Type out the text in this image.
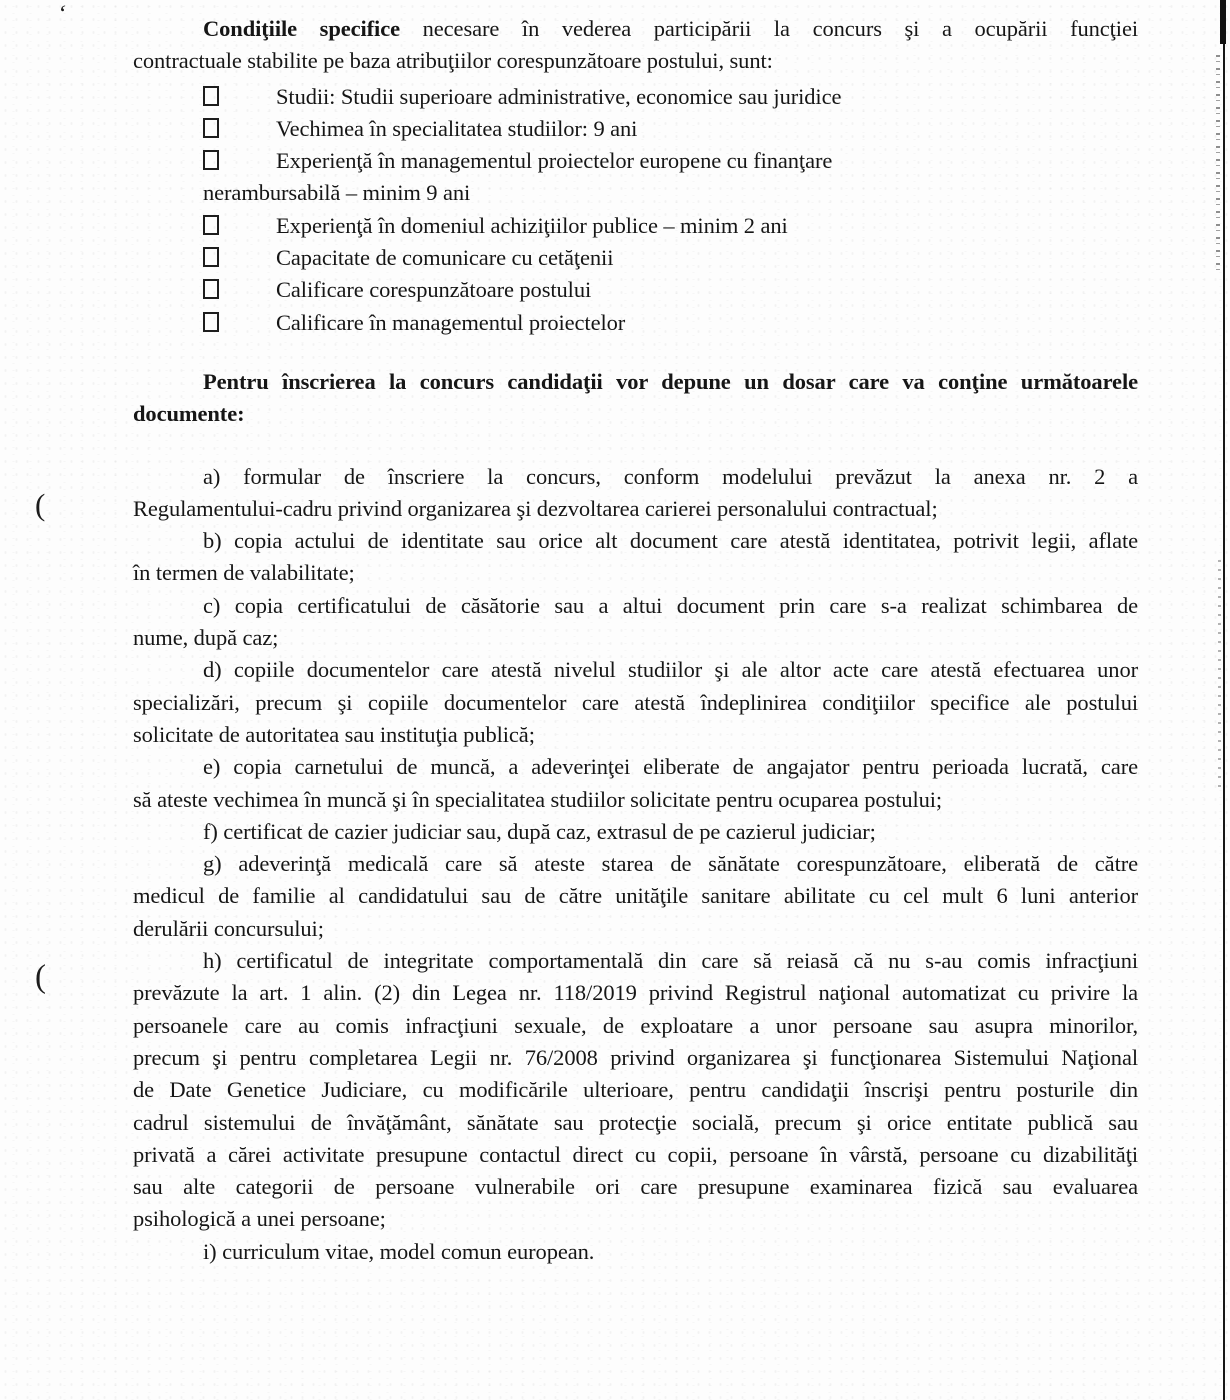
ʻ
(
(
Condiţiile specifice necesare în vederea participării la concurs şi a ocupării funcţiei
contractuale stabilite pe baza atribuţiilor corespunzătoare postului, sunt:
Studii: Studii superioare administrative, economice sau juridice
Vechimea în specialitatea studiilor: 9 ani
Experienţă în managementul proiectelor europene cu finanţare
nerambursabilă – minim 9 ani
Experienţă în domeniul achiziţiilor publice – minim 2 ani
Capacitate de comunicare cu cetăţenii
Calificare corespunzătoare postului
Calificare în managementul proiectelor
Pentru înscrierea la concurs candidaţii vor depune un dosar care va conţine următoarele
documente:
a) formular de înscriere la concurs, conform modelului prevăzut la anexa nr. 2 a
Regulamentului-cadru privind organizarea şi dezvoltarea carierei personalului contractual;
b) copia actului de identitate sau orice alt document care atestă identitatea, potrivit legii, aflate
în termen de valabilitate;
c) copia certificatului de căsătorie sau a altui document prin care s-a realizat schimbarea de
nume, după caz;
d) copiile documentelor care atestă nivelul studiilor şi ale altor acte care atestă efectuarea unor
specializări, precum şi copiile documentelor care atestă îndeplinirea condiţiilor specifice ale postului
solicitate de autoritatea sau instituţia publică;
e) copia carnetului de muncă, a adeverinţei eliberate de angajator pentru perioada lucrată, care
să ateste vechimea în muncă şi în specialitatea studiilor solicitate pentru ocuparea postului;
f) certificat de cazier judiciar sau, după caz, extrasul de pe cazierul judiciar;
g) adeverinţă medicală care să ateste starea de sănătate corespunzătoare, eliberată de către
medicul de familie al candidatului sau de către unităţile sanitare abilitate cu cel mult 6 luni anterior
derulării concursului;
h) certificatul de integritate comportamentală din care să reiasă că nu s-au comis infracţiuni
prevăzute la art. 1 alin. (2) din Legea nr. 118/2019 privind Registrul naţional automatizat cu privire la
persoanele care au comis infracţiuni sexuale, de exploatare a unor persoane sau asupra minorilor,
precum şi pentru completarea Legii nr. 76/2008 privind organizarea şi funcţionarea Sistemului Naţional
de Date Genetice Judiciare, cu modificările ulterioare, pentru candidaţii înscrişi pentru posturile din
cadrul sistemului de învăţământ, sănătate sau protecţie socială, precum şi orice entitate publică sau
privată a cărei activitate presupune contactul direct cu copii, persoane în vârstă, persoane cu dizabilităţi
sau alte categorii de persoane vulnerabile ori care presupune examinarea fizică sau evaluarea
psihologică a unei persoane;
i) curriculum vitae, model comun european.
